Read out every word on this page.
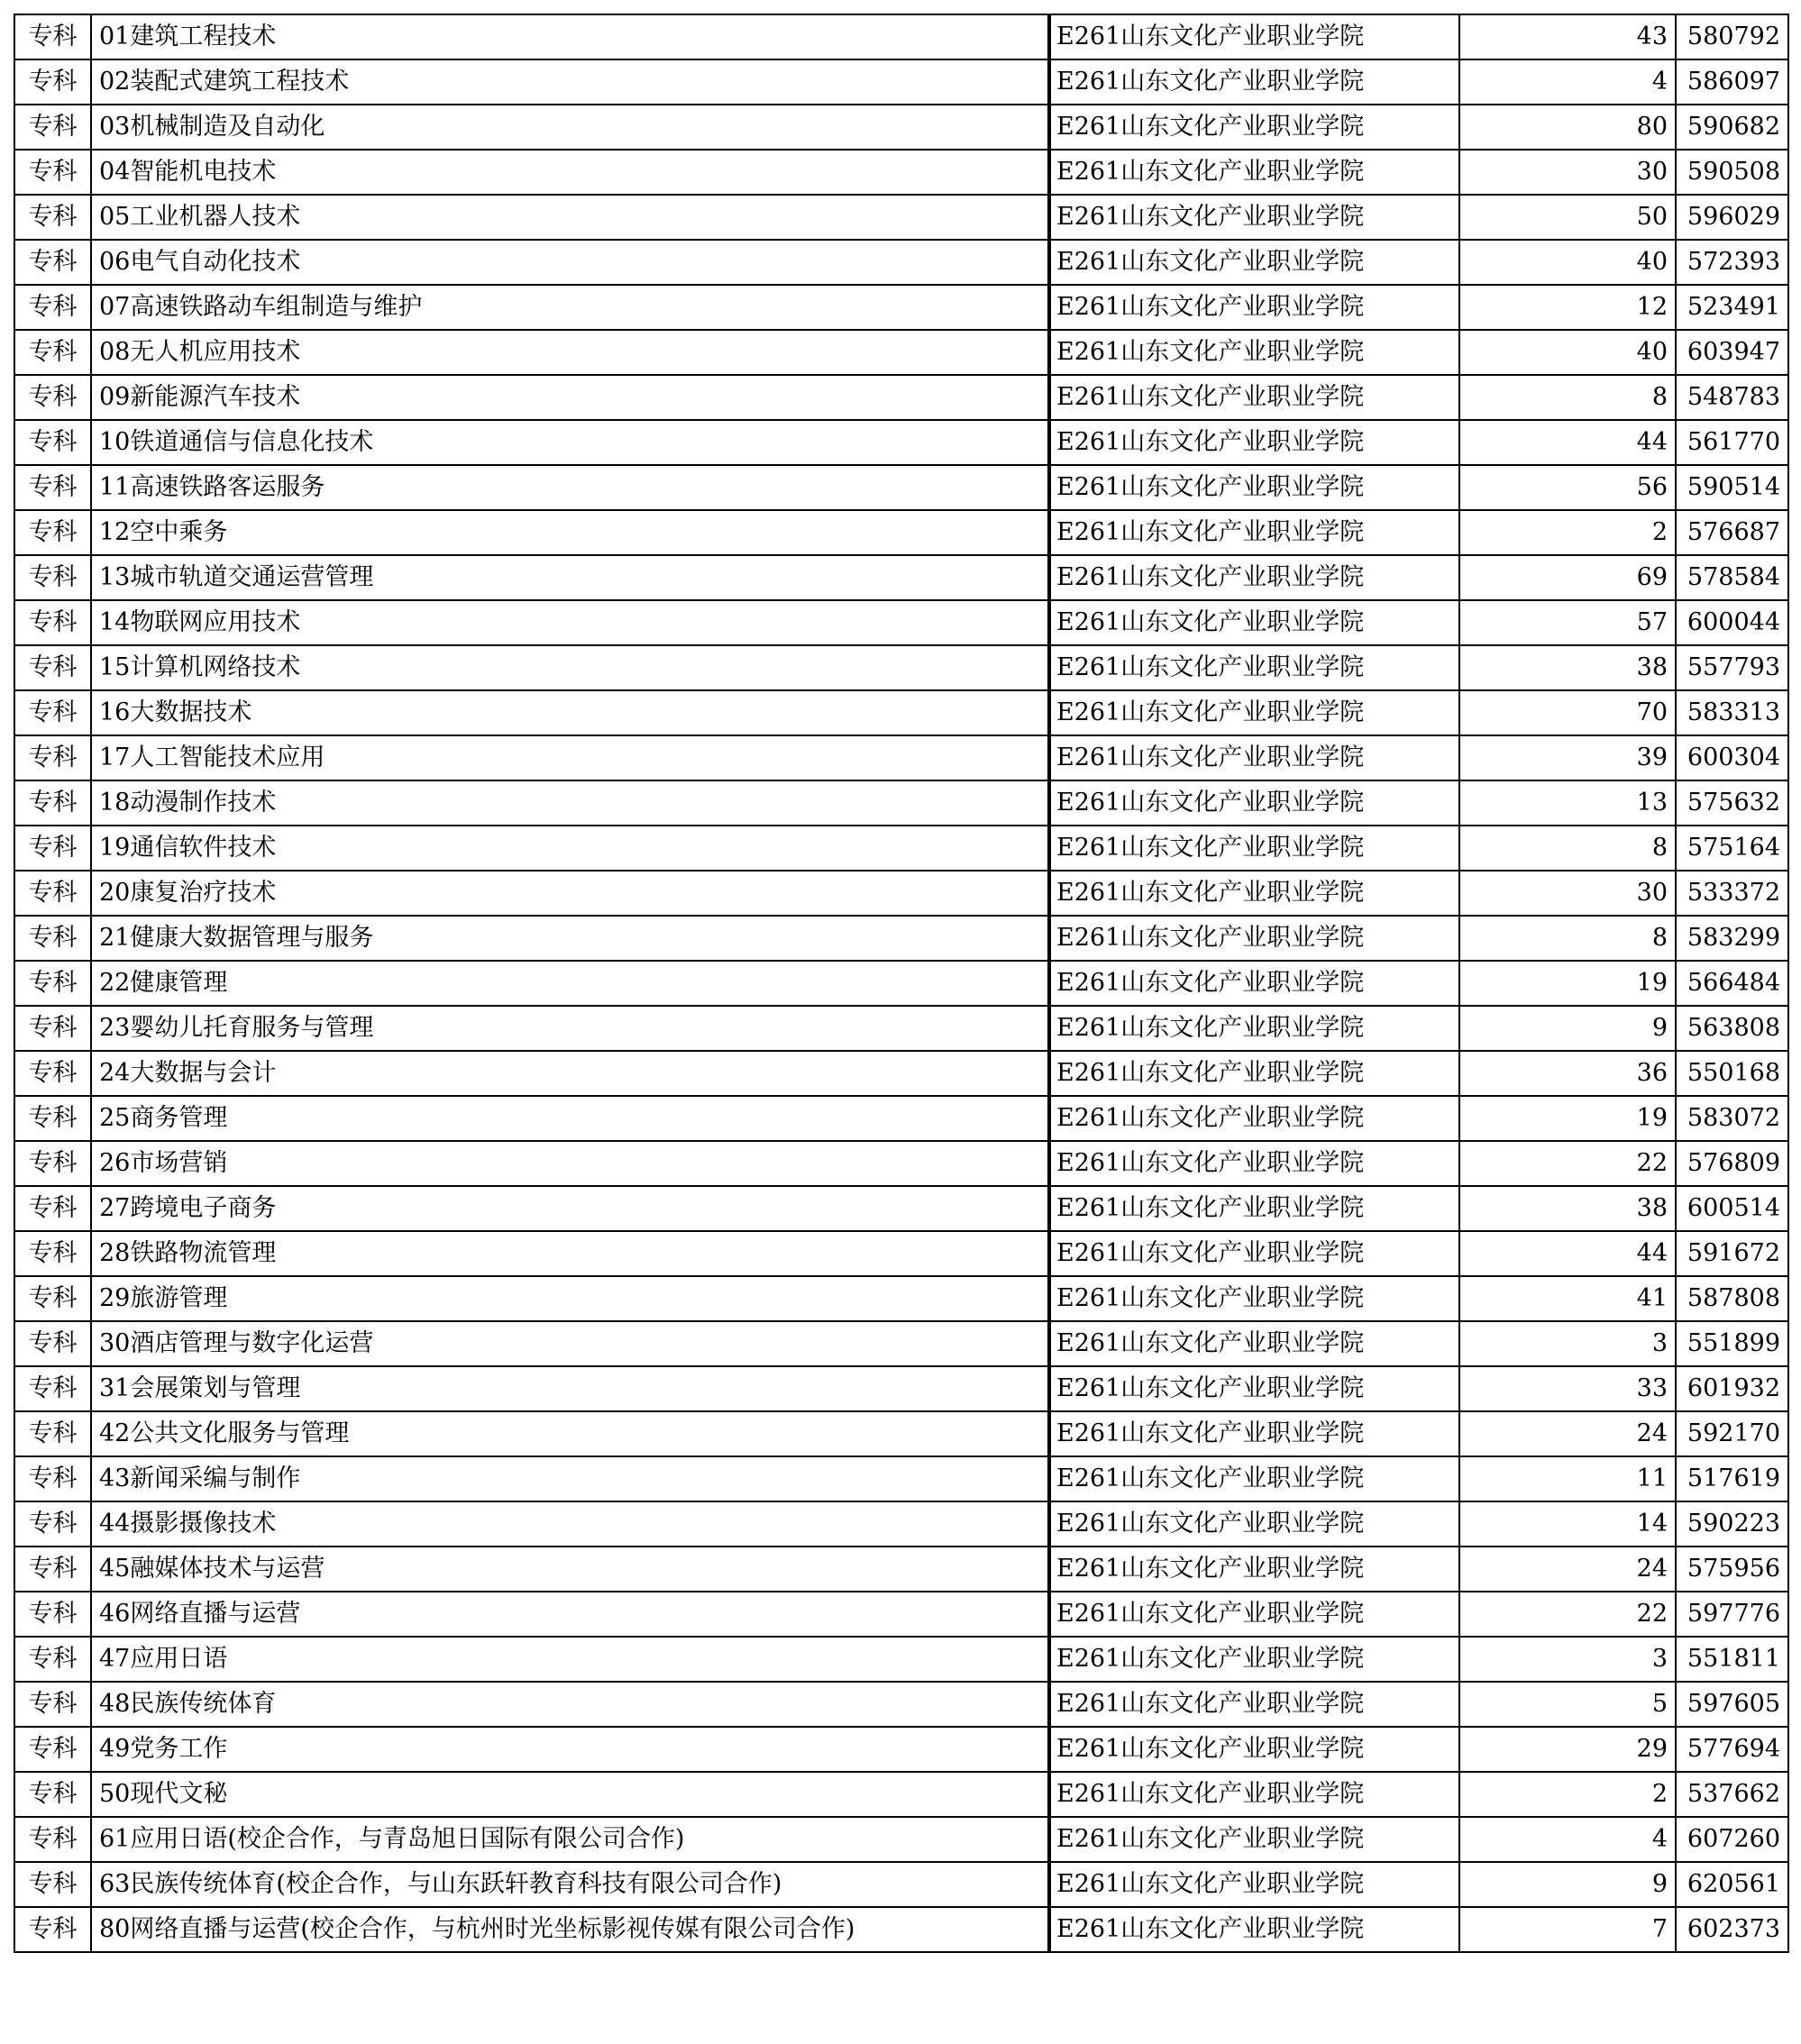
专科	01建筑工程技术		E261山东文化产业职业学院	43	580792
专科	02装配式建筑工程技术		E261山东文化产业职业学院	4	586097
专科	03机械制造及自动化		E261山东文化产业职业学院	80	590682
专科	04智能机电技术		E261山东文化产业职业学院	30	590508
专科	05工业机器人技术		E261山东文化产业职业学院	50	596029
专科	06电气自动化技术		E261山东文化产业职业学院	40	572393
专科	07高速铁路动车组制造与维护		E261山东文化产业职业学院	12	523491
专科	08无人机应用技术		E261山东文化产业职业学院	40	603947
专科	09新能源汽车技术		E261山东文化产业职业学院	8	548783
专科	10铁道通信与信息化技术		E261山东文化产业职业学院	44	561770
专科	11高速铁路客运服务		E261山东文化产业职业学院	56	590514
专科	12空中乘务		E261山东文化产业职业学院	2	576687
专科	13城市轨道交通运营管理		E261山东文化产业职业学院	69	578584
专科	14物联网应用技术		E261山东文化产业职业学院	57	600044
专科	15计算机网络技术		E261山东文化产业职业学院	38	557793
专科	16大数据技术		E261山东文化产业职业学院	70	583313
专科	17人工智能技术应用		E261山东文化产业职业学院	39	600304
专科	18动漫制作技术		E261山东文化产业职业学院	13	575632
专科	19通信软件技术		E261山东文化产业职业学院	8	575164
专科	20康复治疗技术		E261山东文化产业职业学院	30	533372
专科	21健康大数据管理与服务		E261山东文化产业职业学院	8	583299
专科	22健康管理		E261山东文化产业职业学院	19	566484
专科	23婴幼儿托育服务与管理		E261山东文化产业职业学院	9	563808
专科	24大数据与会计		E261山东文化产业职业学院	36	550168
专科	25商务管理		E261山东文化产业职业学院	19	583072
专科	26市场营销		E261山东文化产业职业学院	22	576809
专科	27跨境电子商务		E261山东文化产业职业学院	38	600514
专科	28铁路物流管理		E261山东文化产业职业学院	44	591672
专科	29旅游管理		E261山东文化产业职业学院	41	587808
专科	30酒店管理与数字化运营		E261山东文化产业职业学院	3	551899
专科	31会展策划与管理		E261山东文化产业职业学院	33	601932
专科	42公共文化服务与管理		E261山东文化产业职业学院	24	592170
专科	43新闻采编与制作		E261山东文化产业职业学院	11	517619
专科	44摄影摄像技术		E261山东文化产业职业学院	14	590223
专科	45融媒体技术与运营		E261山东文化产业职业学院	24	575956
专科	46网络直播与运营		E261山东文化产业职业学院	22	597776
专科	47应用日语		E261山东文化产业职业学院	3	551811
专科	48民族传统体育		E261山东文化产业职业学院	5	597605
专科	49党务工作		E261山东文化产业职业学院	29	577694
专科	50现代文秘		E261山东文化产业职业学院	2	537662
专科	61应用日语(校企合作，与青岛旭日国际有限公司合作)		E261山东文化产业职业学院	4	607260
专科	63民族传统体育(校企合作，与山东跃轩教育科技有限公司合作)		E261山东文化产业职业学院	9	620561
专科	80网络直播与运营(校企合作，与杭州时光坐标影视传媒有限公司合作)		E261山东文化产业职业学院	7	602373
